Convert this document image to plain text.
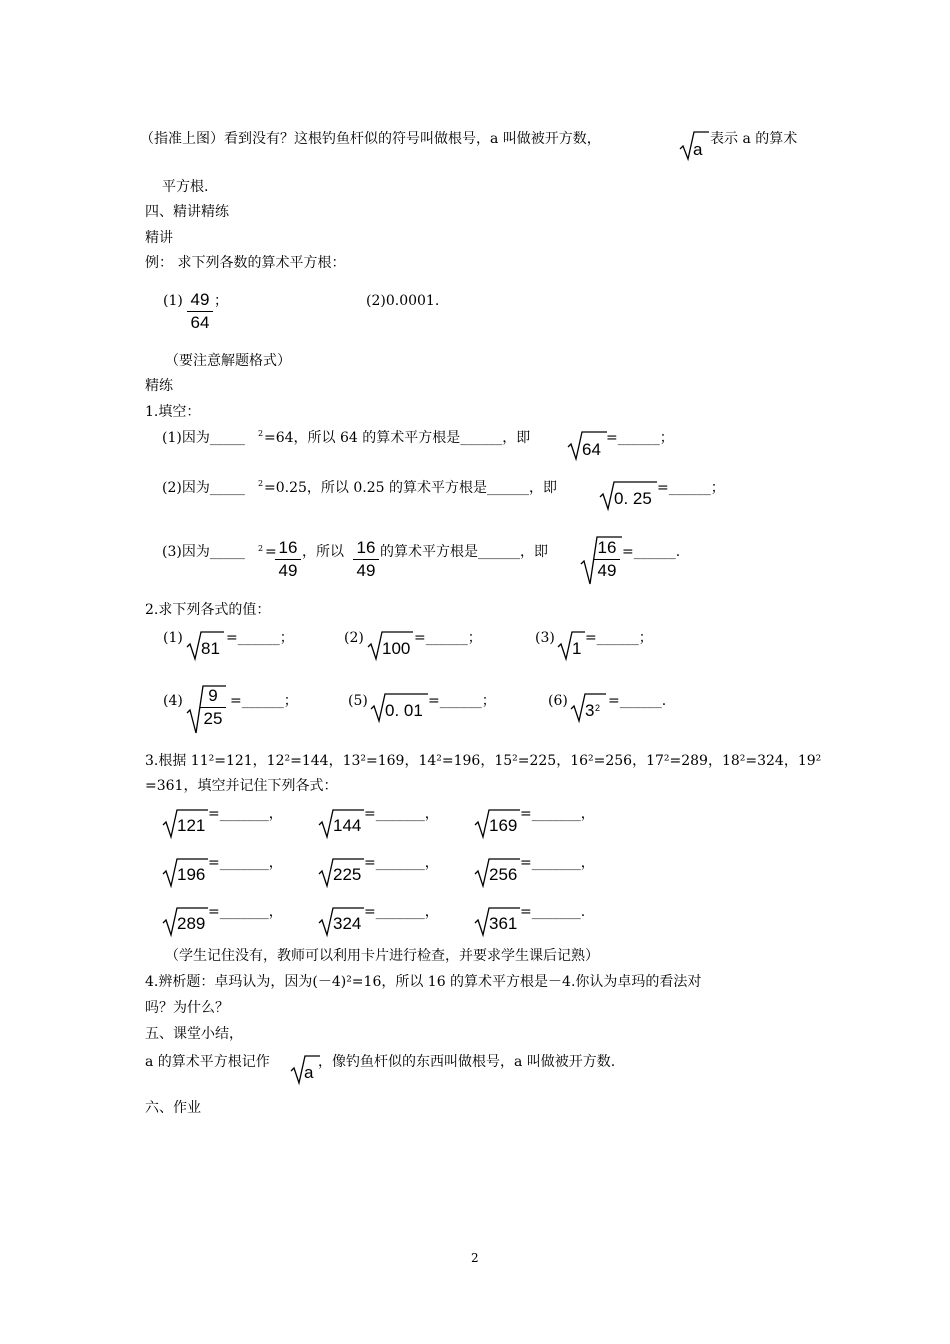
（指准上图）看到没有？这根钓鱼杆似的符号叫做根号，a 叫做被开方数，
a
表示 a 的算术
平方根.
四、精讲精练
精讲
例： 求下列各数的算术平方根：
(1) 49
64
；	(2)0.0001.
（要注意解题格式）
精练
1.填空：
(1)因为_____ 2 =64，所以 64 的算术平方根是______，即
64
=______；
(2)因为_____ 2 =0.25，所以 0.25 的算术平方根是______，即
0. 25
=______；
(3)因为_____ 2 = 16
49
，所以 16
49
的算术平方根是______，即	16
49
=______.
2.求下列各式的值：
(1)
81
=______；	(2)
100
=______；	(3)
1
=______；
(4)	9
25
=______；	(5) 0. 01 =______；	(6) 3 2 =______.
3.根据 11²=121，12²=144，13²=169，14²=196，15²=225，16²=256，17²=289，18²=324，19²
=361，填空并记住下列各式：
121
=_______，
144
=_______，
169
=_______，
196
=_______，
225
=_______，
256
=_______，
289
=_______，
324
=_______，
361
=_______.
（学生记住没有，教师可以利用卡片进行检查，并要求学生课后记熟）
4.辨析题：卓玛认为，因为(－4)²=16，所以 16 的算术平方根是－4.你认为卓玛的看法对
吗？为什么？
五、课堂小结，
a 的算术平方根记作
a
，像钓鱼杆似的东西叫做根号，a 叫做被开方数.
六、作业
2
